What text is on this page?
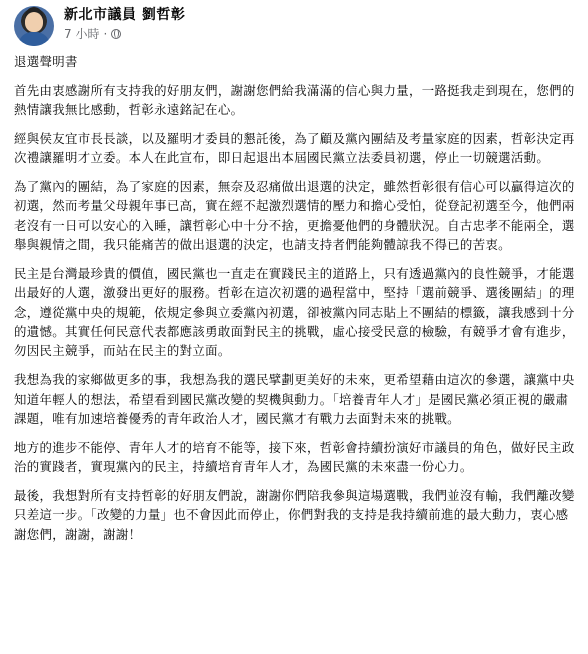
新北市議員 劉哲彰
7 小時 ·

退選聲明書

首先由衷感謝所有支持我的好朋友們，謝謝您們給我滿滿的信心與力量，一路挺我走到現在，您們的熱情讓我無比感動，哲彰永遠銘記在心。

經與侯友宜市長長談，以及羅明才委員的懇託後，為了顧及黨內團結及考量家庭的因素，哲彰決定再次禮讓羅明才立委。本人在此宣布，即日起退出本屆國民黨立法委員初選，停止一切競選活動。

為了黨內的團結，為了家庭的因素，無奈及忍痛做出退選的決定，雖然哲彰很有信心可以贏得這次的初選，然而考量父母親年事已高，實在經不起激烈選情的壓力和擔心受怕，從登記初選至今，他們兩老沒有一日可以安心的入睡，讓哲彰心中十分不捨，更擔憂他們的身體狀況。自古忠孝不能兩全，選舉與親情之間，我只能痛苦的做出退選的決定，也請支持者們能夠體諒我不得已的苦衷。

民主是台灣最珍貴的價值，國民黨也一直走在實踐民主的道路上，只有透過黨內的良性競爭，才能選出最好的人選，激發出更好的服務。哲彰在這次初選的過程當中，堅持「選前競爭、選後團結」的理念，遵從黨中央的規範，依規定參與立委黨內初選，卻被黨內同志貼上不團結的標籤，讓我感到十分的遺憾。其實任何民意代表都應該勇敢面對民主的挑戰，虛心接受民意的檢驗，有競爭才會有進步，勿因民主競爭，而站在民主的對立面。

我想為我的家鄉做更多的事，我想為我的選民擘劃更美好的未來，更希望藉由這次的參選，讓黨中央知道年輕人的想法，希望看到國民黨改變的契機與動力。「培養青年人才」是國民黨必須正視的嚴肅課題，唯有加速培養優秀的青年政治人才，國民黨才有戰力去面對未來的挑戰。

地方的進步不能停、青年人才的培育不能等，接下來，哲彰會持續扮演好市議員的角色，做好民主政治的實踐者，實現黨內的民主，持續培育青年人才，為國民黨的未來盡一份心力。

最後，我想對所有支持哲彰的好朋友們說，謝謝你們陪我參與這場選戰，我們並沒有輸，我們離改變只差這一步。「改變的力量」也不會因此而停止，你們對我的支持是我持續前進的最大動力，衷心感謝您們，謝謝，謝謝！
